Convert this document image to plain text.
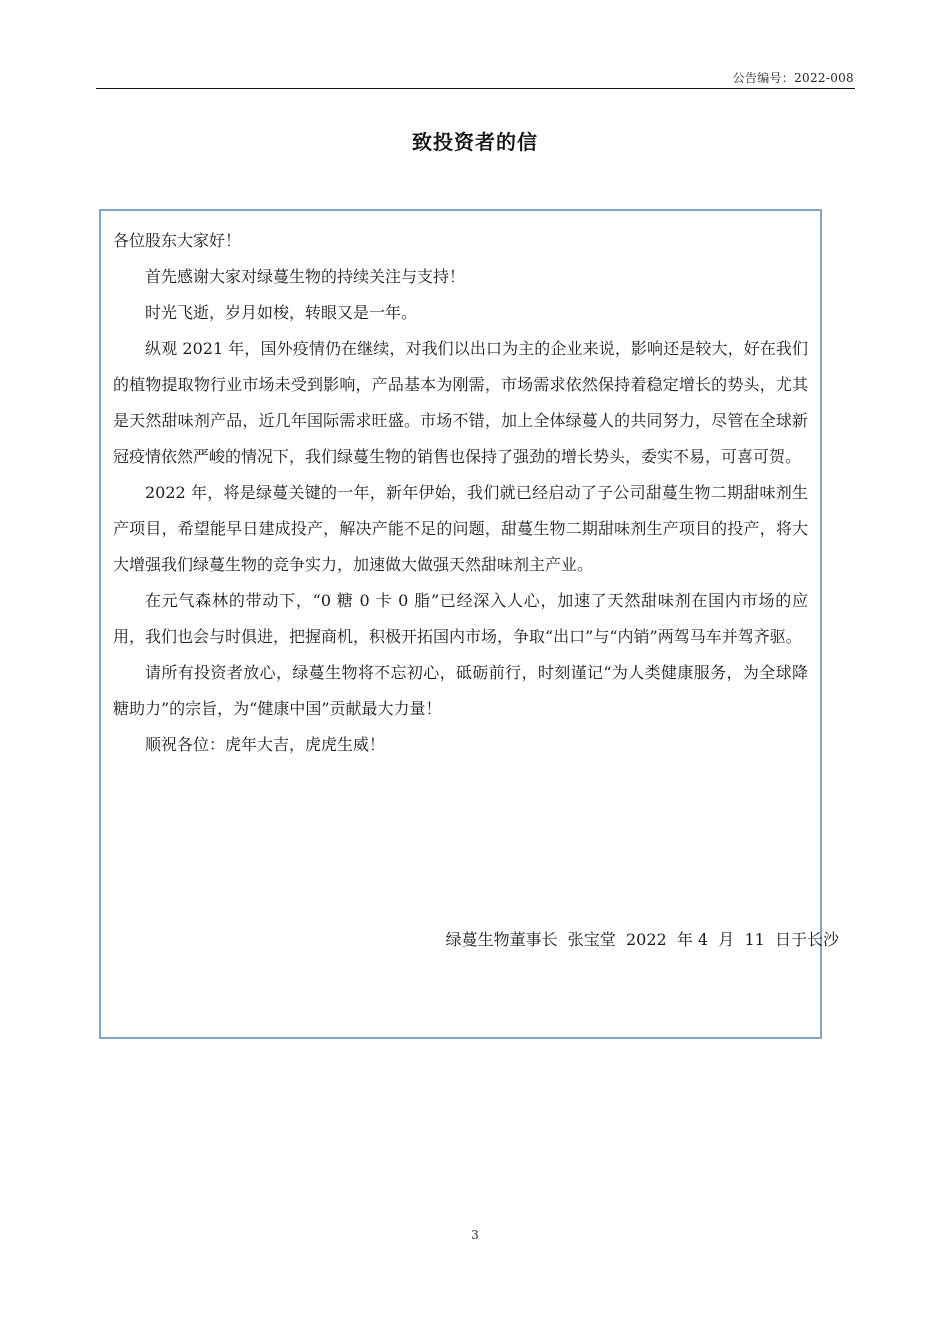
公告编号：2022-008
致投资者的信

各位股东大家好！

首先感谢大家对绿蔓生物的持续关注与支持！

时光飞逝，岁月如梭，转眼又是一年。

纵观 2021 年，国外疫情仍在继续，对我们以出口为主的企业来说，影响还是较大，好在我们的植物提取物行业市场未受到影响，产品基本为刚需，市场需求依然保持着稳定增长的势头，尤其是天然甜味剂产品，近几年国际需求旺盛。市场不错，加上全体绿蔓人的共同努力，尽管在全球新冠疫情依然严峻的情况下，我们绿蔓生物的销售也保持了强劲的增长势头，委实不易，可喜可贺。

2022 年，将是绿蔓关键的一年，新年伊始，我们就已经启动了子公司甜蔓生物二期甜味剂生产项目，希望能早日建成投产，解决产能不足的问题，甜蔓生物二期甜味剂生产项目的投产，将大大增强我们绿蔓生物的竞争实力，加速做大做强天然甜味剂主产业。

在元气森林的带动下，“0 糖 0 卡 0 脂”已经深入人心，加速了天然甜味剂在国内市场的应用，我们也会与时俱进，把握商机，积极开拓国内市场，争取“出口”与“内销”两驾马车并驾齐驱。

请所有投资者放心，绿蔓生物将不忘初心，砥砺前行，时刻谨记“为人类健康服务，为全球降糖助力”的宗旨，为“健康中国”贡献最大力量！

顺祝各位：虎年大吉，虎虎生威！

绿蔓生物董事长  张宝堂  2022  年 4  月  11  日于长沙
3
